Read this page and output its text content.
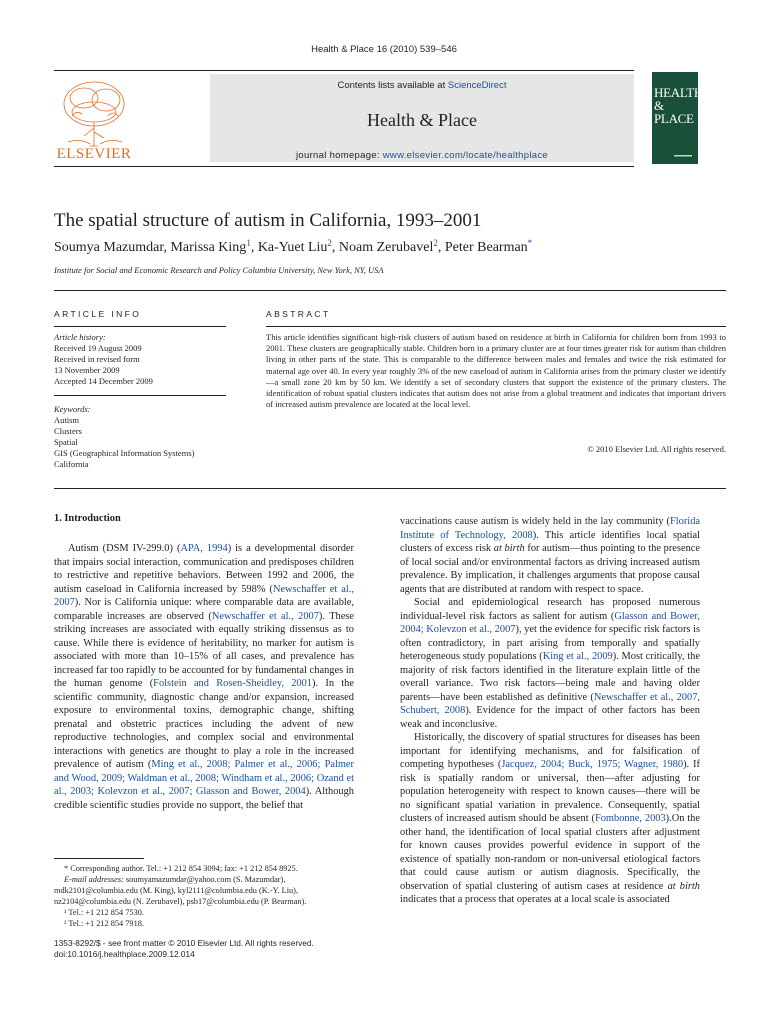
Health & Place 16 (2010) 539–546
ELSEVIER
Contents lists available at ScienceDirect
Health & Place
journal homepage: www.elsevier.com/locate/healthplace
HEALTH
& PLACE
The spatial structure of autism in California, 1993–2001
Soumya Mazumdar, Marissa King$^1$, Ka-Yuet Liu$^2$, Noam Zerubavel$^2$, Peter Bearman*
Institute for Social and Economic Research and Policy Columbia University, New York, NY, USA
ARTICLE INFO	ABSTRACT
Article history:
Received 19 August 2009
Received in revised form
13 November 2009
Accepted 14 December 2009
Keywords:
Autism
Clusters
Spatial
GIS (Geographical Information Systems)
California
This article identifies significant high-risk clusters of autism based on residence at birth in California for children born from 1993 to 2001. These clusters are geographically stable. Children born in a primary cluster are at four times greater risk for autism than children living in other parts of the state. This is comparable to the difference between males and females and twice the risk estimated for maternal age over 40. In every year roughly 3% of the new caseload of autism in California arises from the primary cluster we identify—a small zone 20 km by 50 km. We identify a set of secondary clusters that support the existence of the primary clusters. The identification of robust spatial clusters indicates that autism does not arise from a global treatment and indicates that important drivers of increased autism prevalence are located at the local level.
© 2010 Elsevier Ltd. All rights reserved.
1. Introduction

Autism (DSM IV-299.0) (APA, 1994) is a developmental disorder that impairs social interaction, communication and predisposes children to restrictive and repetitive behaviors. Between 1992 and 2006, the autism caseload in California increased by 598% (Newschaffer et al., 2007). Nor is California unique: where comparable data are available, comparable increases are observed (Newschaffer et al., 2007). These striking increases are associated with equally striking dissensus as to cause. While there is evidence of heritability, no marker for autism is associated with more than 10–15% of all cases, and prevalence has increased far too rapidly to be accounted for by fundamental changes in the human genome (Folstein and Rosen-Sheidley, 2001). In the scientific community, diagnostic change and/or expansion, increased exposure to environmental toxins, demographic change, shifting prenatal and obstetric practices including the advent of new reproductive technologies, and complex social and environmental interactions with genetics are thought to play a role in the increased prevalence of autism (Ming et al., 2008; Palmer et al., 2006; Palmer and Wood, 2009; Waldman et al., 2008; Windham et al., 2006; Ozand et al., 2003; Kolevzon et al., 2007; Glasson and Bower, 2004). Although credible scientific studies provide no support, the belief that

vaccinations cause autism is widely held in the lay community (Florida Institute of Technology, 2008). This article identifies local spatial clusters of excess risk at birth for autism—thus pointing to the presence of local social and/or environmental factors as driving increased autism prevalence. By implication, it challenges arguments that propose causal agents that are distributed at random with respect to space.

Social and epidemiological research has proposed numerous individual-level risk factors as salient for autism (Glasson and Bower, 2004; Kolevzon et al., 2007), yet the evidence for specific risk factors is often contradictory, in part arising from temporally and spatially heterogeneous study populations (King et al., 2009). Most critically, the majority of risk factors identified in the literature explain little of the overall variance. Two risk factors—being male and having older parents—have been established as definitive (Newschaffer et al., 2007, Schubert, 2008). Evidence for the impact of other factors has been weak and inconclusive.

Historically, the discovery of spatial structures for diseases has been important for identifying mechanisms, and for falsification of competing hypotheses (Jacquez, 2004; Buck, 1975; Wagner, 1980). If risk is spatially random or universal, then—after adjusting for population heterogeneity with respect to known causes—there will be no significant spatial variation in prevalence. Consequently, spatial clusters of increased autism should be absent (Fombonne, 2003).On the other hand, the identification of local spatial clusters after adjustment for known causes provides powerful evidence in support of the existence of spatially non-random or non-universal etiological factors that could cause autism or autism diagnosis. Specifically, the observation of spatial clustering of autism cases at residence at birth indicates that a process that operates at a local scale is associated

* Corresponding author. Tel.: +1 212 854 3094; fax: +1 212 854 8925.
E-mail addresses: soumyamazumdar@yahoo.com (S. Mazumdar),
mdk2101@columbia.edu (M. King), kyl2111@columbia.edu (K.-Y. Liu),
nz2104@columbia.edu (N. Zerubavel), psb17@columbia.edu (P. Bearman).
¹ Tel.: +1 212 854 7530.
² Tel.: +1 212 854 7918.
1353-8292/$ - see front matter © 2010 Elsevier Ltd. All rights reserved.
doi:10.1016/j.healthplace.2009.12.014
